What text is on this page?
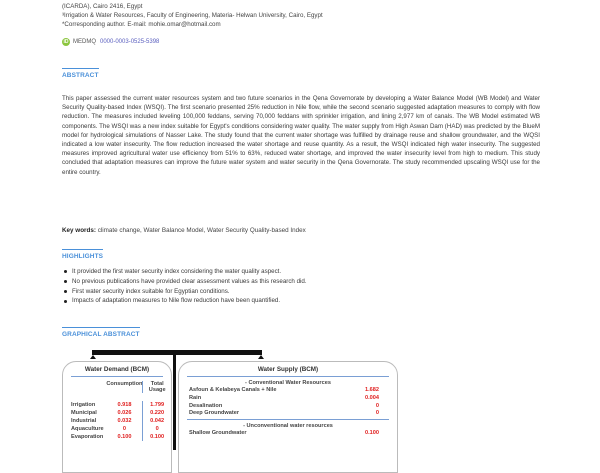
(ICARDA), Cairo 2416, Egypt
³Irrigation & Water Resources, Faculty of Engineering, Materia- Helwan University, Cairo, Egypt
*Corresponding author. E-mail: mohie.omar@hotmail.com
iD MEDMQ 0000-0003-0525-5398
ABSTRACT
This paper assessed the current water resources system and two future scenarios in the Qena Governorate by developing a Water Balance Model (WB Model) and Water Security Quality-based Index (WSQI). The first scenario presented 25% reduction in Nile flow, while the second scenario suggested adaptation measures to comply with flow reduction. The measures included leveling 100,000 feddans, serving 70,000 feddans with sprinkler irrigation, and lining 2,977 km of canals. The WB Model estimated WB components. The WSQI was a new index suitable for Egypt's conditions considering water quality. The water supply from High Aswan Dam (HAD) was predicted by the BlueM model for hydrological simulations of Nasser Lake. The study found that the current water shortage was fulfilled by drainage reuse and shallow groundwater, and the WQSI indicated a low water insecurity. The flow reduction increased the water shortage and reuse quantity. As a result, the WSQI indicated high water insecurity. The suggested measures improved agricultural water use efficiency from 51% to 63%, reduced water shortage, and improved the water insecurity level from high to medium. This study concluded that adaptation measures can improve the future water system and water security in the Qena Governorate. The study recommended upscaling WSQI use for the entire country.
Key words: climate change, Water Balance Model, Water Security Quality-based Index
HIGHLIGHTS
It provided the first water security index considering the water quality aspect.
No previous publications have provided clear assessment values as this research did.
First water security index suitable for Egyptian conditions.
Impacts of adaptation measures to Nile flow reduction have been quantified.
GRAPHICAL ABSTRACT
Water Demand (BCM)
Consumption	Total Usage
Irrigation	0.918	1.799
Municipal	0.026	0.220
Industrial	0.032	0.042
Aquaculture	0	0
Evaporation	0.100	0.100
Water Supply (BCM)
- Conventional Water Resources
Asfoun & Kelabeya Canals + Nile	1.682
Rain	0.004
Desalination	0
Deep Groundwater	0
- Unconventional water resources
Shallow Groundwater	0.100
